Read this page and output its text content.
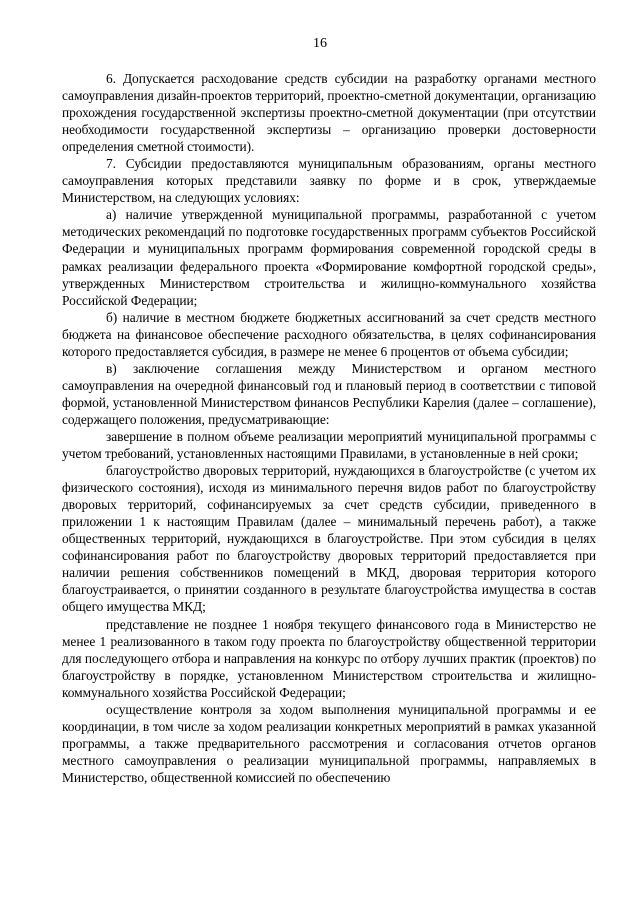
16

6. Допускается расходование средств субсидии на разработку органами местного самоуправления дизайн-проектов территорий, проектно-сметной документации, организацию прохождения государственной экспертизы проектно-сметной документации (при отсутствии необходимости государственной экспертизы – организацию проверки достоверности определения сметной стоимости).

7. Субсидии предоставляются муниципальным образованиям, органы местного самоуправления которых представили заявку по форме и в срок, утверждаемые Министерством, на следующих условиях:

а) наличие утвержденной муниципальной программы, разработанной с учетом методических рекомендаций по подготовке государственных программ субъектов Российской Федерации и муниципальных программ формирования современной городской среды в рамках реализации федерального проекта «Формирование комфортной городской среды», утвержденных Министерством строительства и жилищно-коммунального хозяйства Российской Федерации;

б) наличие в местном бюджете бюджетных ассигнований за счет средств местного бюджета на финансовое обеспечение расходного обязательства, в целях софинансирования которого предоставляется субсидия, в размере не менее 6 процентов от объема субсидии;

в) заключение соглашения между Министерством и органом местного самоуправления на очередной финансовый год и плановый период в соответствии с типовой формой, установленной Министерством финансов Республики Карелия (далее – соглашение), содержащего положения, предусматривающие:

завершение в полном объеме реализации мероприятий муниципальной программы с учетом требований, установленных настоящими Правилами, в установленные в ней сроки;

благоустройство дворовых территорий, нуждающихся в благоустройстве (с учетом их физического состояния), исходя из минимального перечня видов работ по благоустройству дворовых территорий, софинансируемых за счет средств субсидии, приведенного в приложении 1 к настоящим Правилам (далее – минимальный перечень работ), а также общественных территорий, нуждающихся в благоустройстве. При этом субсидия в целях софинансирования работ по благоустройству дворовых территорий предоставляется при наличии решения собственников помещений в МКД, дворовая территория которого благоустраивается, о принятии созданного в результате благоустройства имущества в состав общего имущества МКД;

представление не позднее 1 ноября текущего финансового года в Министерство не менее 1 реализованного в таком году проекта по благоустройству общественной территории для последующего отбора и направления на конкурс по отбору лучших практик (проектов) по благоустройству в порядке, установленном Министерством строительства и жилищно-коммунального хозяйства Российской Федерации;

осуществление контроля за ходом выполнения муниципальной программы и ее координации, в том числе за ходом реализации конкретных мероприятий в рамках указанной программы, а также предварительного рассмотрения и согласования отчетов органов местного самоуправления о реализации муниципальной программы, направляемых в Министерство, общественной комиссией по обеспечению
